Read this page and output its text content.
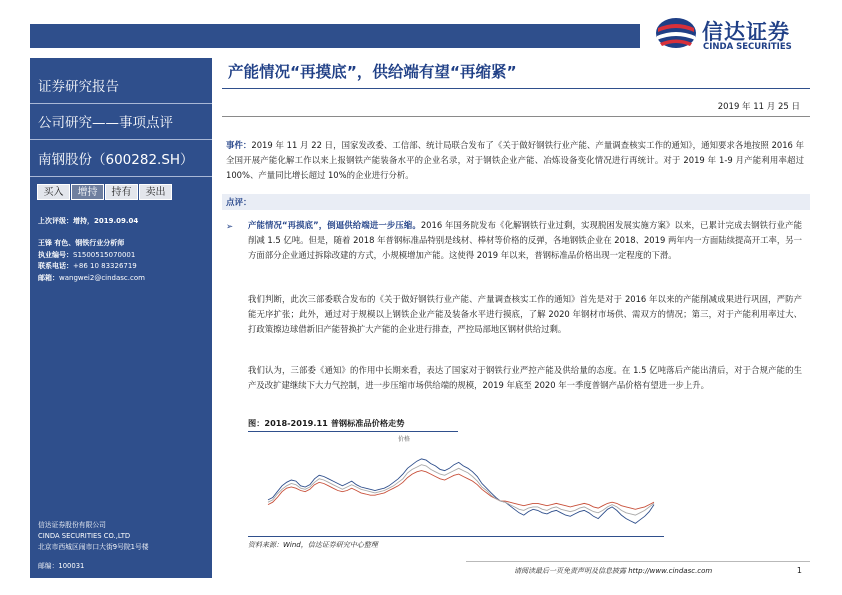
信达证券
CINDA SECURITIES
证券研究报告
公司研究——事项点评
南钢股份（600282.SH）
买入	增持	持有	卖出
上次评级：增持，2019.09.04
王锋 有色、钢铁行业分析师
执业编号：S1500515070001
联系电话：+86 10 83326719
邮箱：wangwei2@cindasc.com
信达证券股份有限公司
CINDA SECURITIES CO.,LTD
北京市西城区闹市口大街9号院1号楼
邮编：100031
产能情况“再摸底”，供给端有望“再缩紧”
2019 年 11 月 25 日
事件：2019 年 11 月 22 日，国家发改委、工信部、统计局联合发布了《关于做好钢铁行业产能、产量调查核实工作的通知》，通知要求各地按照 2016 年全国开展产能化解工作以来上报钢铁产能装备水平的企业名录，对于钢铁企业产能、冶炼设备变化情况进行再统计。对于 2019 年 1-9 月产能利用率超过 100%、产量同比增长超过 10%的企业进行分析。
点评：
➢ 产能情况“再摸底”，倒逼供给端进一步压缩。2016 年国务院发布《化解钢铁行业过剩，实现脱困发展实施方案》以来，已累计完成去钢铁行业产能削减 1.5 亿吨。但是，随着 2018 年普钢标准品特别是线材、棒材等价格的反弹，各地钢铁企业在 2018、2019 两年内一方面陆续提高开工率，另一方面部分企业通过拆除改建的方式，小规模增加产能。这使得 2019 年以来，普钢标准品价格出现一定程度的下滑。
我们判断，此次三部委联合发布的《关于做好钢铁行业产能、产量调查核实工作的通知》首先是对于 2016 年以来的产能削减成果进行巩固，严防产能无序扩张；此外，通过对于规模以上钢铁企业产能及装备水平进行摸底，了解 2020 年钢材市场供、需双方的情况；第三，对于产能利用率过大、打政策擦边球借新旧产能替换扩大产能的企业进行排查，严控局部地区钢材供给过剩。
我们认为，三部委《通知》的作用中长期来看，表达了国家对于钢铁行业严控产能及供给量的态度。在 1.5 亿吨落后产能出清后，对于合规产能的生产及改扩建继续下大力气控制，进一步压缩市场供给端的规模，2019 年底至 2020 年一季度普钢产品价格有望进一步上升。
图：2018-2019.11 普钢标准品价格走势
价格
资料来源：Wind，信达证券研究中心整理
请阅读最后一页免责声明及信息披露 http://www.cindasc.com	1
